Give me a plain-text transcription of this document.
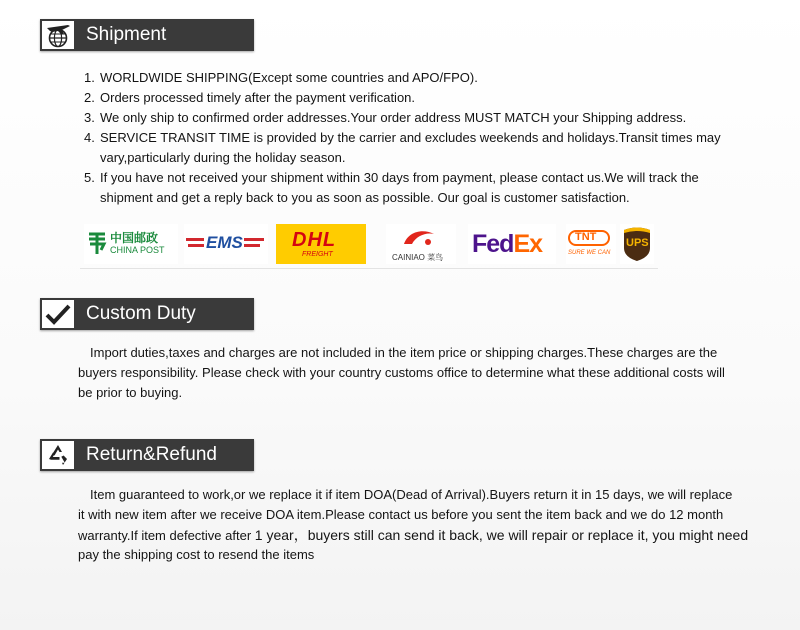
Shipment
1. WORLDWIDE SHIPPING(Except some countries and APO/FPO).
2. Orders processed timely after the payment verification.
3. We only ship to confirmed order addresses.Your order address MUST MATCH your Shipping address.
4. SERVICE TRANSIT TIME is provided by the carrier and excludes weekends and holidays.Transit times may
vary,particularly during the holiday season.
5. If you have not received your shipment within 30 days from payment, please contact us.We will track the
shipment and get a reply back to you as soon as possible. Our goal is customer satisfaction.
中国邮政
CHINA POST EMS DHL
FREIGHT	CAINIAO 菜鸟 FedEx	TNT
SURE WE CAN
UPS
Custom Duty
Import duties,taxes and charges are not included in the item price or shipping charges.These charges are the
buyers responsibility. Please check with your country customs office to determine what these additional costs will
be prior to buying.
Return&Refund
Item guaranteed to work,or we replace it if item DOA(Dead of Arrival).Buyers return it in 15 days, we will replace
it with new item after we receive DOA item.Please contact us before you sent the item back and we do 12 month
warranty.If item defective after 1 year，buyers still can send it back, we will repair or replace it, you might need
pay the shipping cost to resend the items
